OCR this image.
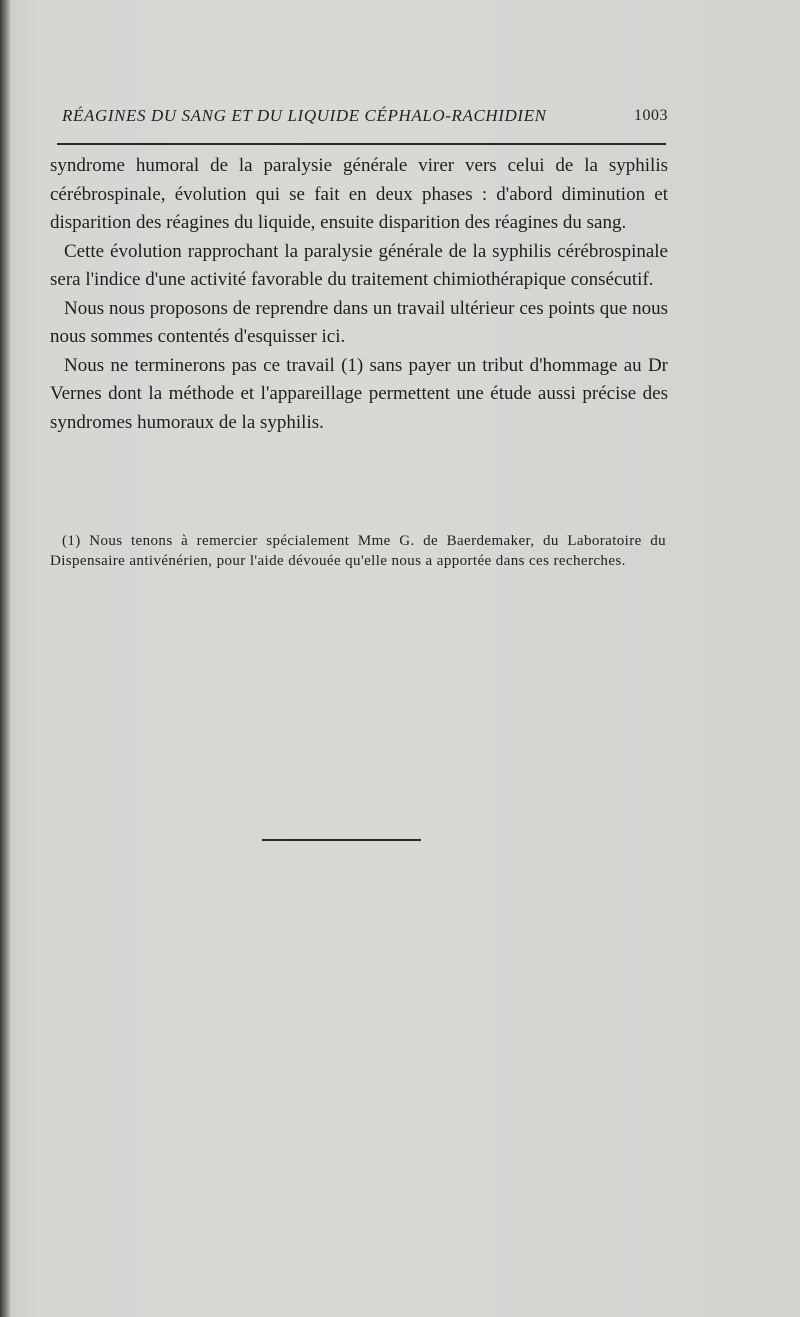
RÉAGINES DU SANG ET DU LIQUIDE CÉPHALO-RACHIDIEN	1003

syndrome humoral de la paralysie générale virer vers celui de la syphilis cérébrospinale, évolution qui se fait en deux phases : d'abord diminution et disparition des réagines du liquide, ensuite disparition des réagines du sang.

Cette évolution rapprochant la paralysie générale de la syphilis cérébrospinale sera l'indice d'une activité favorable du traitement chimiothérapique consécutif.

Nous nous proposons de reprendre dans un travail ultérieur ces points que nous nous sommes contentés d'esquisser ici.

Nous ne terminerons pas ce travail (1) sans payer un tribut d'hommage au Dr Vernes dont la méthode et l'appareillage permettent une étude aussi précise des syndromes humoraux de la syphilis.

(1) Nous tenons à remercier spécialement Mme G. de Baerdemaker, du Laboratoire du Dispensaire antivénérien, pour l'aide dévouée qu'elle nous a apportée dans ces recherches.
